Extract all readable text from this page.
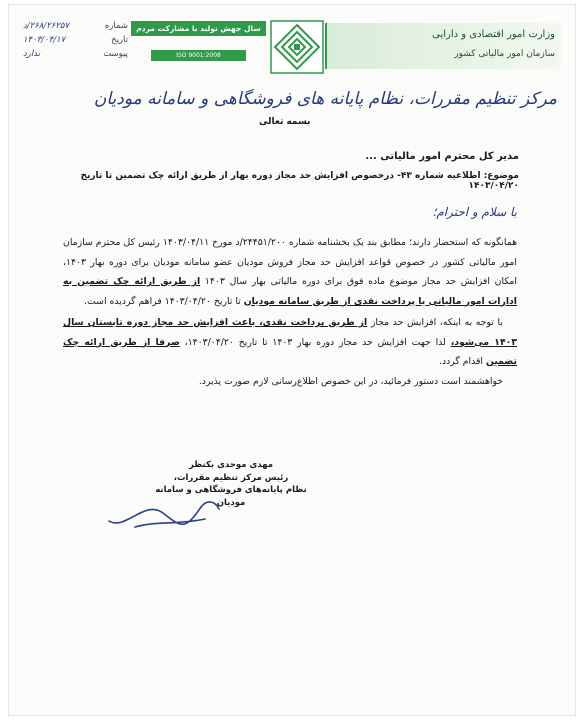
شماره
۲۶۸/۲۶۲۵۷/د
تاریخ
۱۴۰۳/۰۴/۱۷
پیوست
ندارد
سال جهش تولید با مشارکت مردم
ISO 9001:2008
وزارت امور اقتصادی و دارایی
سازمان امور مالیاتی کشور
مرکز تنظیم مقررات، نظام پایانه های فروشگاهی و سامانه مودیان
بسمه تعالی
مدیر کل محترم امور مالیاتی ...
موضوع: اطلاعیه شماره ۴۳- درخصوص افزایش حد مجاز دوره بهار از طریق ارائه چک تضمین تا تاریخ ۱۴۰۳/۰۴/۲۰
با سلام و احترام؛

همانگونه که استحضار دارند؛ مطابق بند یک بخشنامه شماره ۲۴۴۵۱/۲۰۰/د مورخ ۱۴۰۳/۰۴/۱۱ رئیس کل محترم سازمان امور مالیاتی کشور در خصوص قواعد افزایش حد مجاز فروش مودیان عضو سامانه مودیان برای دوره بهار ۱۴۰۳، امکان افزایش حد مجاز موضوع ماده فوق برای دوره مالیاتی بهار سال ۱۴۰۳ از طریق ارائه چک تضمین به ادارات امور مالیاتی یا پرداخت نقدی از طریق سامانه مودیان تا تاریخ ۱۴۰۳/۰۴/۲۰ فراهم گردیده است.

با توجه به اینکه، افزایش حد مجاز از طریق پرداخت نقدی، باعث افزایش حد مجاز دوره تابستان سال ۱۴۰۳ می‌شود، لذا جهت افزایش حد مجاز دوره بهار ۱۴۰۳ تا تاریخ ۱۴۰۳/۰۴/۲۰، صرفا از طریق ارائه چک تضمین اقدام گردد.

خواهشمند است دستور فرمائید، در این خصوص اطلاع‌رسانی لازم صورت پذیرد.

مهدی موحدی بکنظر
رئیس مرکز تنظیم مقررات،
نظام پایانه‌های فروشگاهی و سامانه مودیان
